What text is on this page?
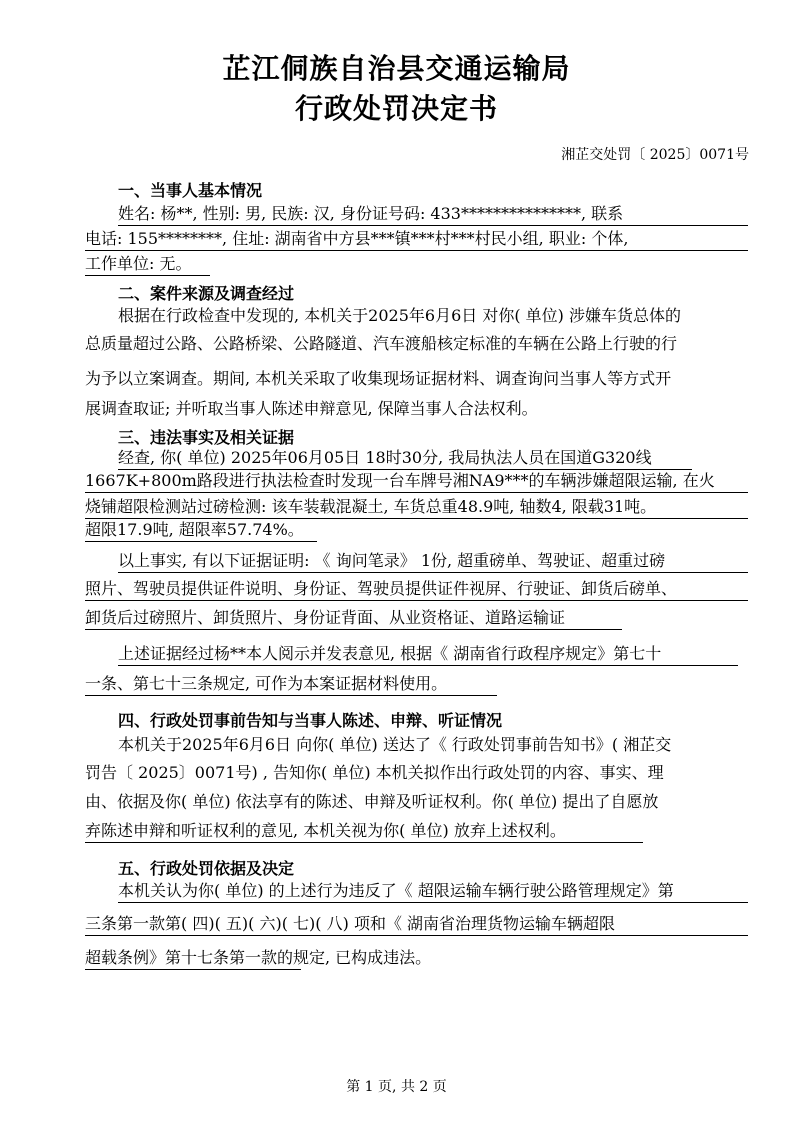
芷江侗族自治县交通运输局
行政处罚决定书
湘芷交处罚〔 2025〕0071号
一、当事人基本情况
姓名: 杨**, 性别: 男, 民族: 汉, 身份证号码: 433***************, 联系
电话: 155********, 住址: 湖南省中方县***镇***村***村民小组, 职业: 个体,
工作单位: 无。
二、案件来源及调查经过
根据在行政检查中发现的, 本机关于2025年6月6日 对你( 单位) 涉嫌车货总体的
总质量超过公路、公路桥梁、公路隧道、汽车渡船核定标准的车辆在公路上行驶的行
为予以立案调查。期间, 本机关采取了收集现场证据材料、调查询问当事人等方式开
展调查取证; 并听取当事人陈述申辩意见, 保障当事人合法权利。
三、违法事实及相关证据
经查, 你( 单位) 2025年06月05日 18时30分, 我局执法人员在国道G320线
1667K+800m路段进行执法检查时发现一台车牌号湘NA9***的车辆涉嫌超限运输, 在火
烧铺超限检测站过磅检测: 该车装载混凝土, 车货总重48.9吨, 轴数4, 限载31吨。
超限17.9吨, 超限率57.74%。
以上事实, 有以下证据证明: 《 询问笔录》 1份, 超重磅单、驾驶证、超重过磅
照片、驾驶员提供证件说明、身份证、驾驶员提供证件视屏、行驶证、卸货后磅单、
卸货后过磅照片、卸货照片、身份证背面、从业资格证、道路运输证
上述证据经过杨**本人阅示并发表意见, 根据《 湖南省行政程序规定》第七十
一条、第七十三条规定, 可作为本案证据材料使用。
四、行政处罚事前告知与当事人陈述、申辩、听证情况
本机关于2025年6月6日 向你( 单位) 送达了《 行政处罚事前告知书》( 湘芷交
罚告〔 2025〕0071号) , 告知你( 单位) 本机关拟作出行政处罚的内容、事实、理
由、依据及你( 单位) 依法享有的陈述、申辩及听证权利。你( 单位) 提出了自愿放
弃陈述申辩和听证权利的意见, 本机关视为你( 单位) 放弃上述权利。
五、行政处罚依据及决定
本机关认为你( 单位) 的上述行为违反了《 超限运输车辆行驶公路管理规定》第
三条第一款第( 四)( 五)( 六)( 七)( 八) 项和《 湖南省治理货物运输车辆超限
超载条例》第十七条第一款的规定, 已构成违法。
第 1 页, 共 2 页
